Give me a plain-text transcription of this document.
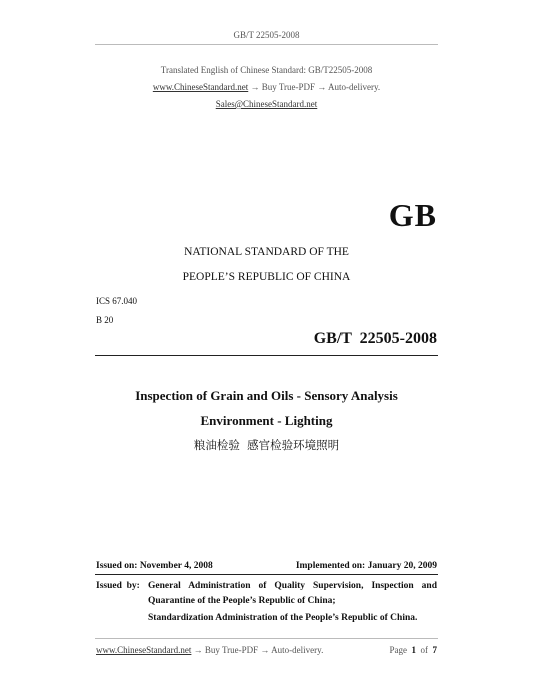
GB/T 22505-2008
Translated English of Chinese Standard: GB/T22505-2008
www.ChineseStandard.net → Buy True-PDF → Auto-delivery.
Sales@ChineseStandard.net
GB
NATIONAL STANDARD OF THE
PEOPLE’S REPUBLIC OF CHINA
ICS 67.040
B 20
GB/T  22505-2008
Inspection of Grain and Oils - Sensory Analysis
Environment - Lighting
粮油检验  感官检验环境照明
Issued on: November 4, 2008	Implemented on: January 20, 2009
Issued  by: General Administration of Quality Supervision, Inspection and
Quarantine of the People’s Republic of China;
Standardization Administration of the People’s Republic of China.
www.ChineseStandard.net → Buy True-PDF → Auto-delivery.	Page 1 of 7
